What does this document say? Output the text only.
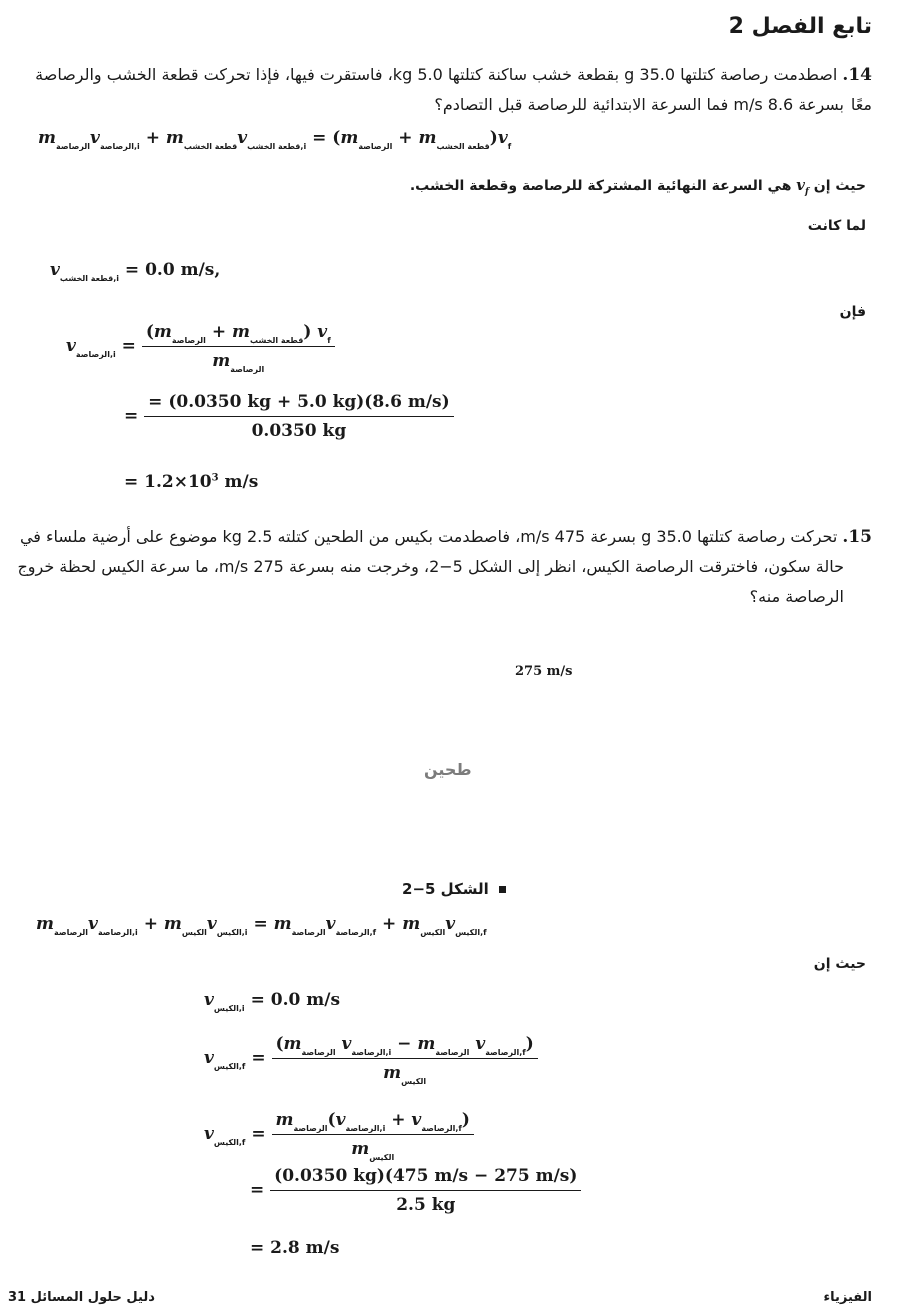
تابع الفصل 2
14. اصطدمت رصاصة كتلتها 35.0 g بقطعة خشب ساكنة كتلتها 5.0 kg، فاستقرت فيها، فإذا تحركت قطعة الخشب والرصاصة معًا
بسرعة 8.6 m/s فما السرعة الابتدائية للرصاصة قبل التصادم؟
$m_{الرصاصة}v_{الرصاصة,i} + m_{قطعة الخشب}v_{قطعة الخشب,i} = (m_{الرصاصة} + m_{قطعة الخشب})v_f$
حيث إن $v_f$ هي السرعة النهائية المشتركة للرصاصة وقطعة الخشب.
لما كانت
$v_{قطعة الخشب,i} = 0.0$ m/s,
فإن
$v_{الرصاصة,i} = \frac{(m_{الرصاصة} + m_{قطعة الخشب}) v_f}{m_{الرصاصة}}$
= $\frac{= (0.0350 kg + 5.0 kg)(8.6 m/s)}{0.0350 kg}$
= $1.2\times 10^3$ m/s
15. تحركت رصاصة كتلتها 35.0 g بسرعة 475 m/s، فاصطدمت بكيس من الطحين كتلته 2.5 kg موضوع على أرضية ملساء في
حالة سكون، فاخترقت الرصاصة الكيس، انظر إلى الشكل 5−2، وخرجت منه بسرعة 275 m/s، ما سرعة الكيس لحظة خروج
الرصاصة منه؟
275 m/s
طحين
الشكل 5−2
$m_{الرصاصة}v_{الرصاصة,i} + m_{الكيس}v_{الكيس,i} = m_{الرصاصة}v_{الرصاصة,f} + m_{الكيس}v_{الكيس,f}$
حيث إن
$v_{الكيس,i} = 0.0$ m/s
$v_{الكيس,f} = \frac{(m_{الرصاصة} v_{الرصاصة,i} - m_{الرصاصة} v_{الرصاصة,f})}{m_{الكيس}}$
$v_{الكيس,f} = \frac{m_{الرصاصة}(v_{الرصاصة,i} + v_{الرصاصة,f})}{m_{الكيس}}$
= $\frac{(0.0350 kg)(475 m/s - 275 m/s)}{2.5 kg}$
= 2.8 m/s
دليل حلول المسائل 31	الفيزياء
